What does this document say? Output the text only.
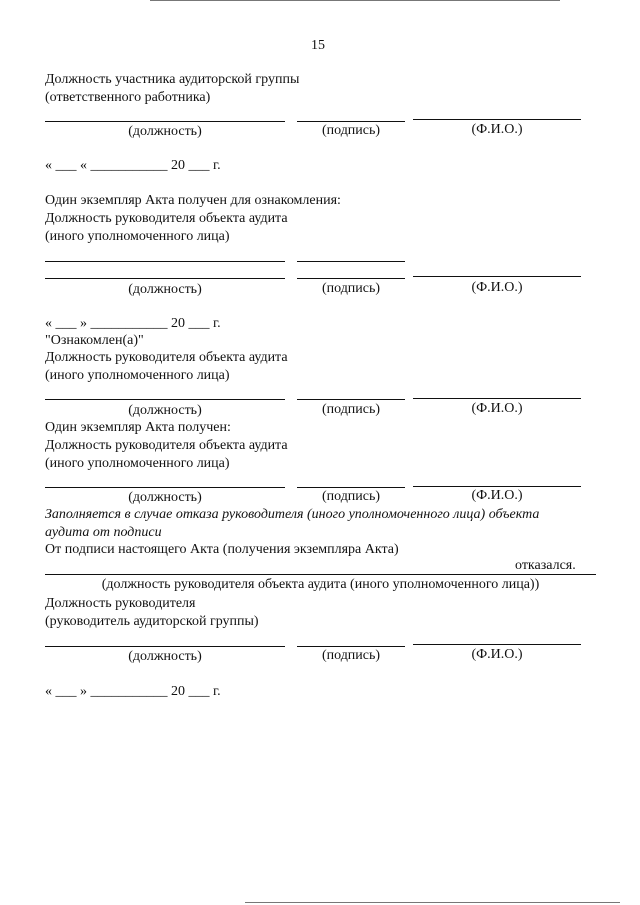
15
Должность участника аудиторской группы
(ответственного работника)
(должность)	(подпись)	(Ф.И.О.)
« ___ « ___________ 20 ___ г.
Один экземпляр Акта получен для ознакомления:
Должность руководителя объекта аудита
(иного уполномоченного лица)
(должность)	(подпись)	(Ф.И.О.)
« ___ » ___________ 20 ___ г.
"Ознакомлен(а)"
Должность руководителя объекта аудита
(иного уполномоченного лица)
(должность)	(подпись)	(Ф.И.О.)
Один экземпляр Акта получен:
Должность руководителя объекта аудита
(иного уполномоченного лица)
(должность)	(подпись)	(Ф.И.О.)
Заполняется в случае отказа руководителя (иного уполномоченного лица) объекта
аудита от подписи
От подписи настоящего Акта (получения экземпляра Акта)
отказался.
(должность руководителя объекта аудита (иного уполномоченного лица))
Должность руководителя
(руководитель аудиторской группы)
(должность)	(подпись)	(Ф.И.О.)
« ___ » ___________ 20 ___ г.
